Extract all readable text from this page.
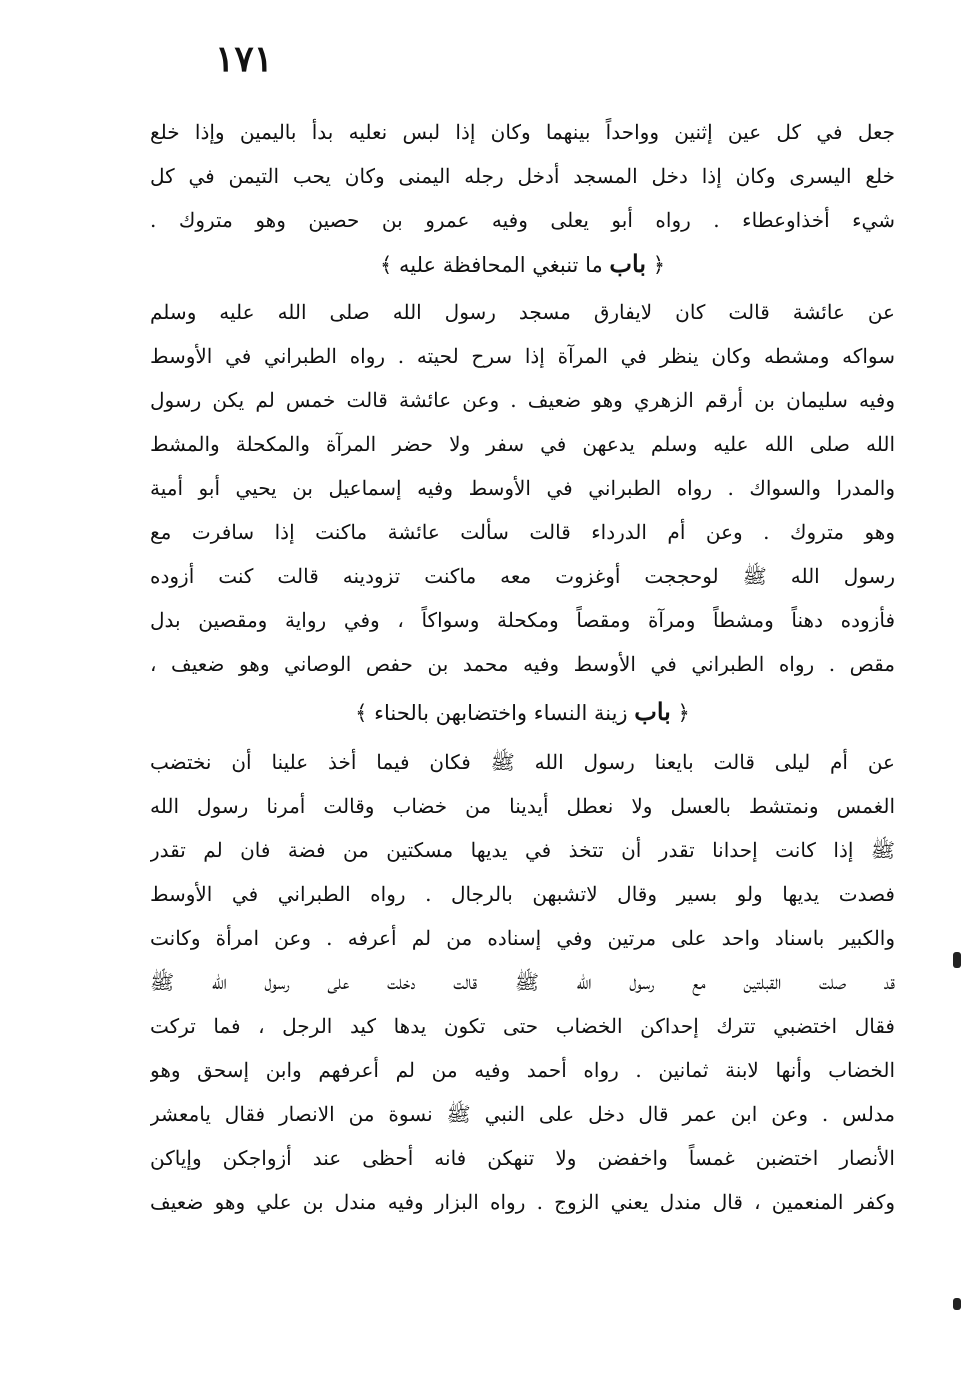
١٧١
جعل في كل عين إثنين وواحداً بينهما وكان إذا لبس نعليه بدأ باليمين وإذا خلع
خلع اليسرى وكان إذا دخل المسجد أدخل رجله اليمنى وكان يحب التيمن في كل
شيء أخذاوعطاء . رواه أبو يعلى وفيه عمرو بن حصين وهو متروك .
﴿ باب ما تنبغي المحافظة عليه ﴾
عن عائشة قالت كان لايفارق مسجد رسول الله صلى الله عليه وسلم
سواكه ومشطه وكان ينظر في المرآة إذا سرح لحيته . رواه الطبراني في الأوسط
وفيه سليمان بن أرقم الزهري وهو ضعيف . وعن عائشة قالت خمس لم يكن رسول
الله صلى الله عليه وسلم يدعهن في سفر ولا حضر المرآة والمكحلة والمشط
والمدرا والسواك . رواه الطبراني في الأوسط وفيه إسماعيل بن يحيي أبو أمية
وهو متروك . وعن أم الدرداء قالت سألت عائشة ماكنت إذا سافرت مع
رسول الله ﷺ لوحججت أوغزوت معه ماكنت تزودينه قالت كنت أزوده
فأزوده دهناً ومشطاً ومرآة ومقصاً ومكحلة وسواكاً ، وفي رواية ومقصين بدل
مقص . رواه الطبراني في الأوسط وفيه محمد بن حفص الوصاني وهو ضعيف ،
﴿ باب زينة النساء واختضابهن بالحناء ﴾
عن أم ليلى قالت بايعنا رسول الله ﷺ فكان فيما أخذ علينا أن نختضب
الغمس ونمتشط بالعسل ولا نعطل أيدينا من خضاب وقالت أمرنا رسول الله
ﷺ إذا كانت إحدانا تقدر أن تتخذ في يديها مسكتين من فضة فان لم تقدر
فصدت يديها ولو بسير وقال لاتشبهن بالرجال . رواه الطبراني في الأوسط
والكبير باسناد واحد على مرتين وفي إسناده من لم أعرفه . وعن امرأة وكانت
قد صلت القبلتين مع رسول الله ﷺ قالت دخلت على رسول الله ﷺ
فقال اختضبي تترك إحداكن الخضاب حتى تكون يدها كيد الرجل ، فما تركت
الخضاب وأنها لابنة ثمانين . رواه أحمد وفيه من لم أعرفهم وابن إسحق وهو
مدلس . وعن ابن عمر قال دخل على النبي ﷺ نسوة من الانصار فقال يامعشر
الأنصار اختضبن غمساً واخفضن ولا تنهكن فانه أحظى عند أزواجكن وإياكن
وكفر المنعمين ، قال مندل يعني الزوج . رواه البزار وفيه مندل بن علي وهو ضعيف
